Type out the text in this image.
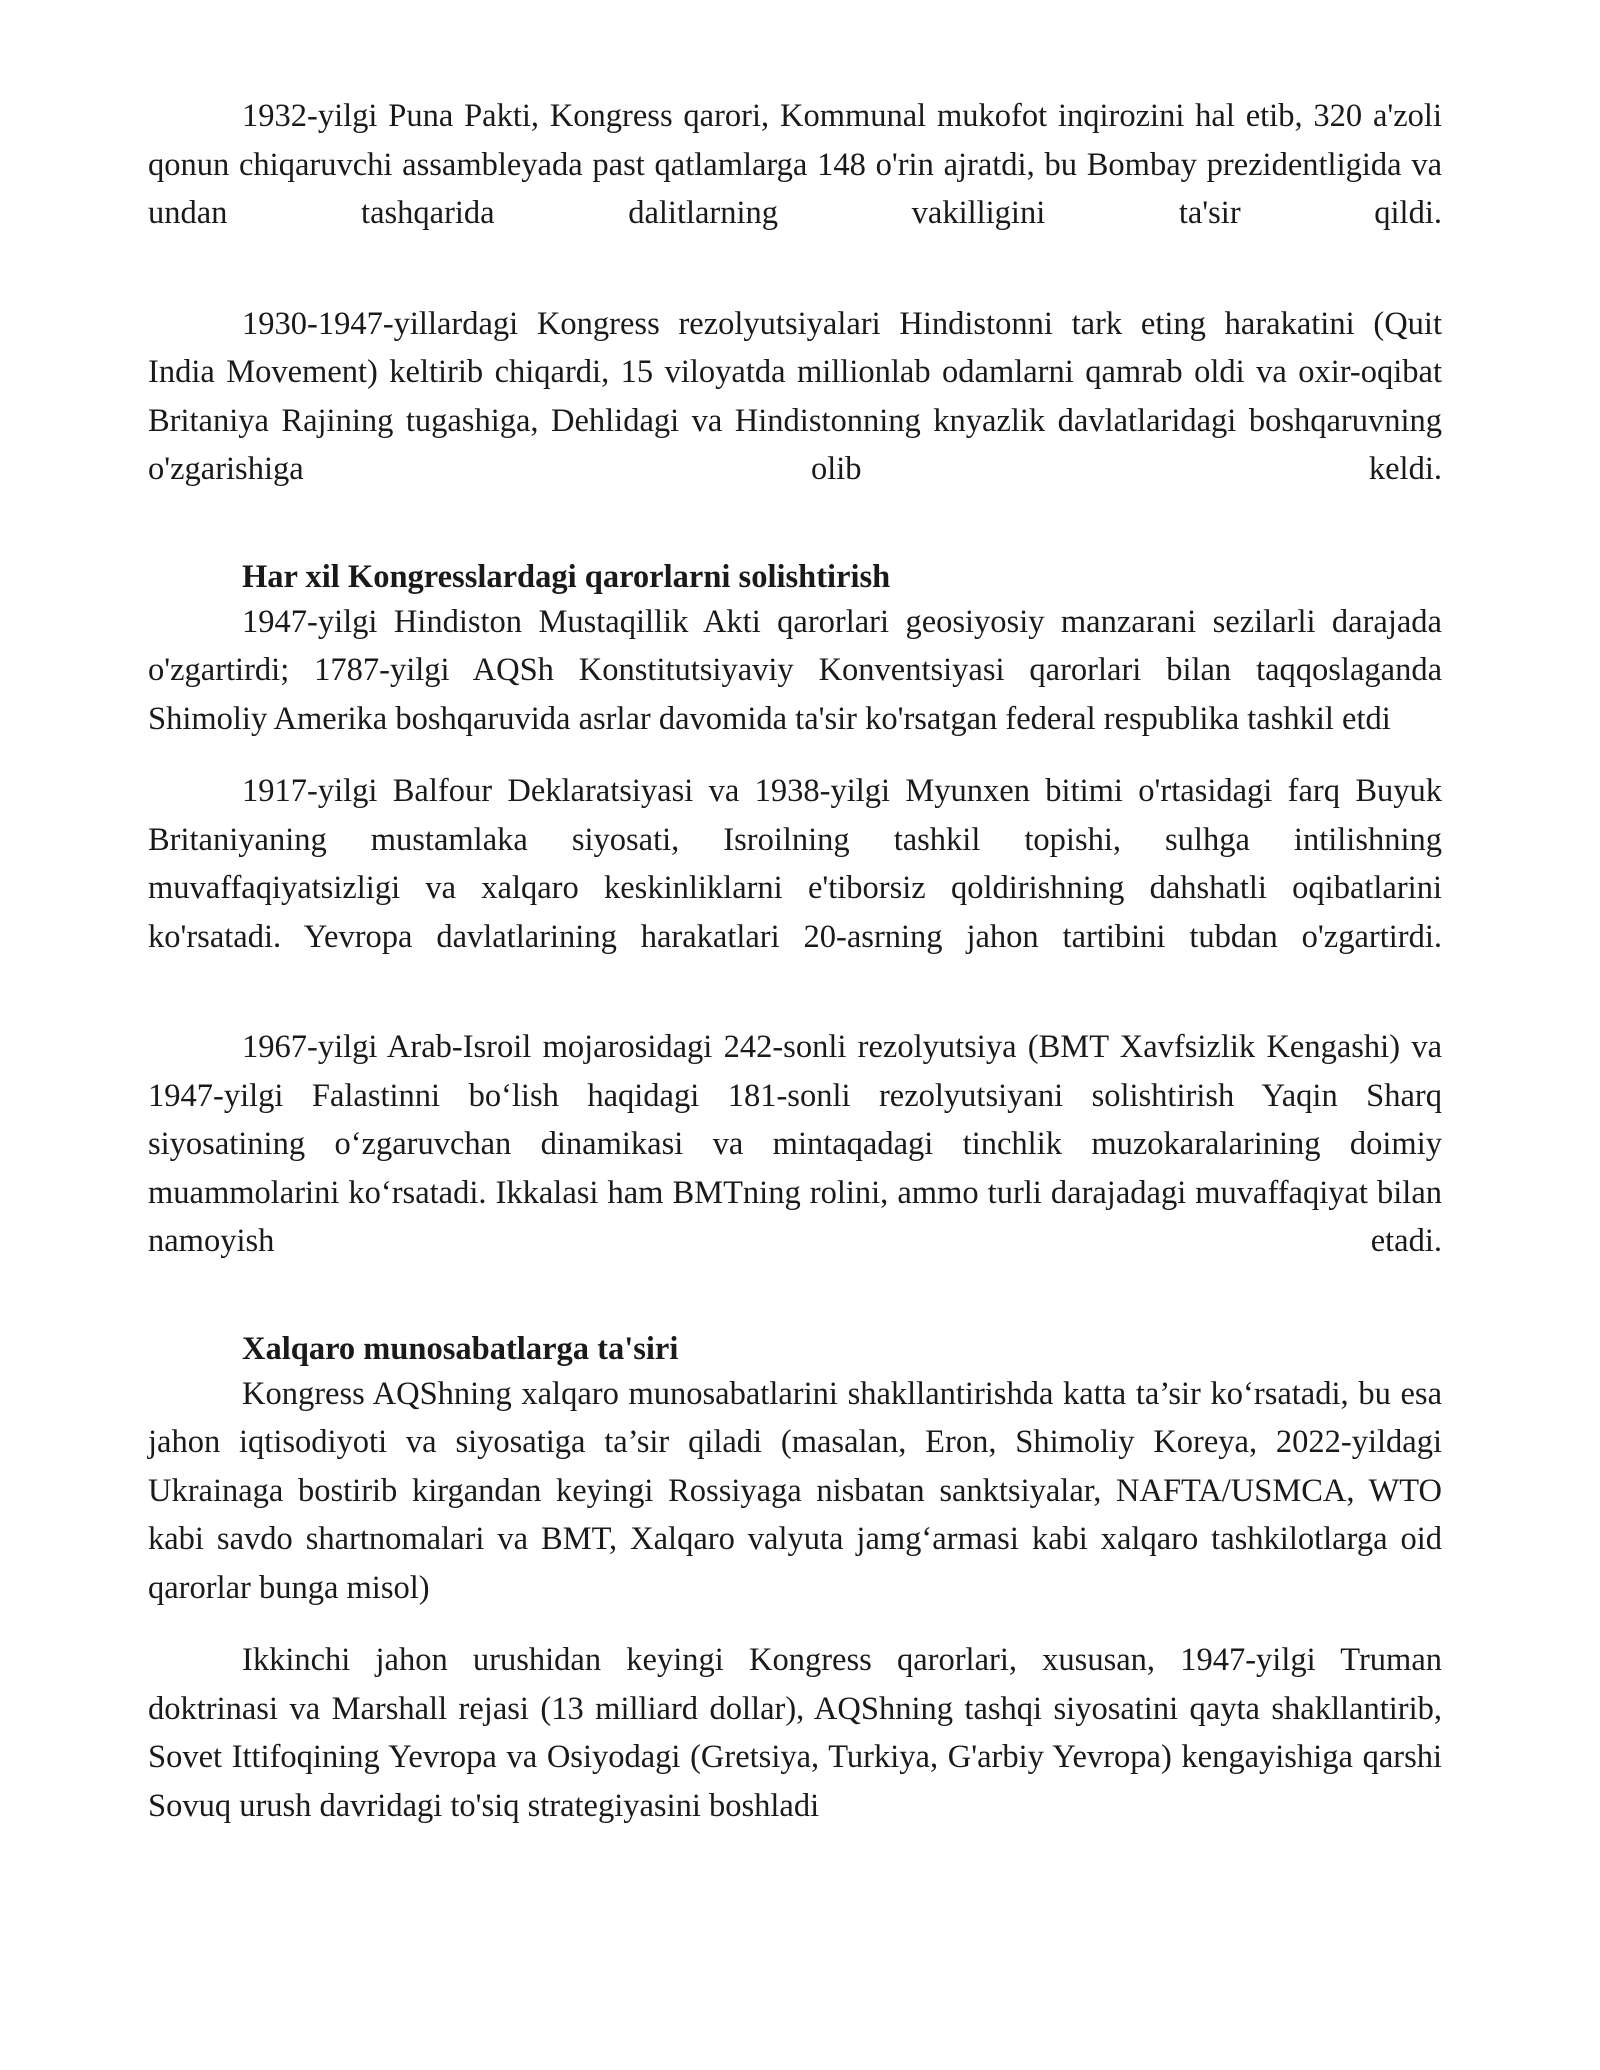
1932-yilgi Puna Pakti, Kongress qarori, Kommunal mukofot inqirozini hal etib, 320 a'zoli qonun chiqaruvchi assambleyada past qatlamlarga 148 o'rin ajratdi, bu Bombay prezidentligida va undan tashqarida dalitlarning vakilligini ta'sir qildi.

1930-1947-yillardagi Kongress rezolyutsiyalari Hindistonni tark eting harakatini (Quit India Movement) keltirib chiqardi, 15 viloyatda millionlab odamlarni qamrab oldi va oxir-oqibat Britaniya Rajining tugashiga, Dehlidagi va Hindistonning knyazlik davlatlaridagi boshqaruvning o'zgarishiga olib keldi.

Har xil Kongresslardagi qarorlarni solishtirish

1947-yilgi Hindiston Mustaqillik Akti qarorlari geosiyosiy manzarani sezilarli darajada o'zgartirdi; 1787-yilgi AQSh Konstitutsiyaviy Konventsiyasi qarorlari bilan taqqoslaganda Shimoliy Amerika boshqaruvida asrlar davomida ta'sir ko'rsatgan federal respublika tashkil etdi

1917-yilgi Balfour Deklaratsiyasi va 1938-yilgi Myunxen bitimi o'rtasidagi farq Buyuk Britaniyaning mustamlaka siyosati, Isroilning tashkil topishi, sulhga intilishning muvaffaqiyatsizligi va xalqaro keskinliklarni e'tiborsiz qoldirishning dahshatli oqibatlarini ko'rsatadi. Yevropa davlatlarining harakatlari 20-asrning jahon tartibini tubdan o'zgartirdi.

1967-yilgi Arab-Isroil mojarosidagi 242-sonli rezolyutsiya (BMT Xavfsizlik Kengashi) va 1947-yilgi Falastinni bo‘lish haqidagi 181-sonli rezolyutsiyani solishtirish Yaqin Sharq siyosatining o‘zgaruvchan dinamikasi va mintaqadagi tinchlik muzokaralarining doimiy muammolarini ko‘rsatadi. Ikkalasi ham BMTning rolini, ammo turli darajadagi muvaffaqiyat bilan namoyish etadi.

Xalqaro munosabatlarga ta'siri

Kongress AQShning xalqaro munosabatlarini shakllantirishda katta ta’sir ko‘rsatadi, bu esa jahon iqtisodiyoti va siyosatiga ta’sir qiladi (masalan, Eron, Shimoliy Koreya, 2022-yildagi Ukrainaga bostirib kirgandan keyingi Rossiyaga nisbatan sanktsiyalar, NAFTA/USMCA, WTO kabi savdo shartnomalari va BMT, Xalqaro valyuta jamg‘armasi kabi xalqaro tashkilotlarga oid qarorlar bunga misol)

Ikkinchi jahon urushidan keyingi Kongress qarorlari, xususan, 1947-yilgi Truman doktrinasi va Marshall rejasi (13 milliard dollar), AQShning tashqi siyosatini qayta shakllantirib, Sovet Ittifoqining Yevropa va Osiyodagi (Gretsiya, Turkiya, G'arbiy Yevropa) kengayishiga qarshi Sovuq urush davridagi to'siq strategiyasini boshladi
